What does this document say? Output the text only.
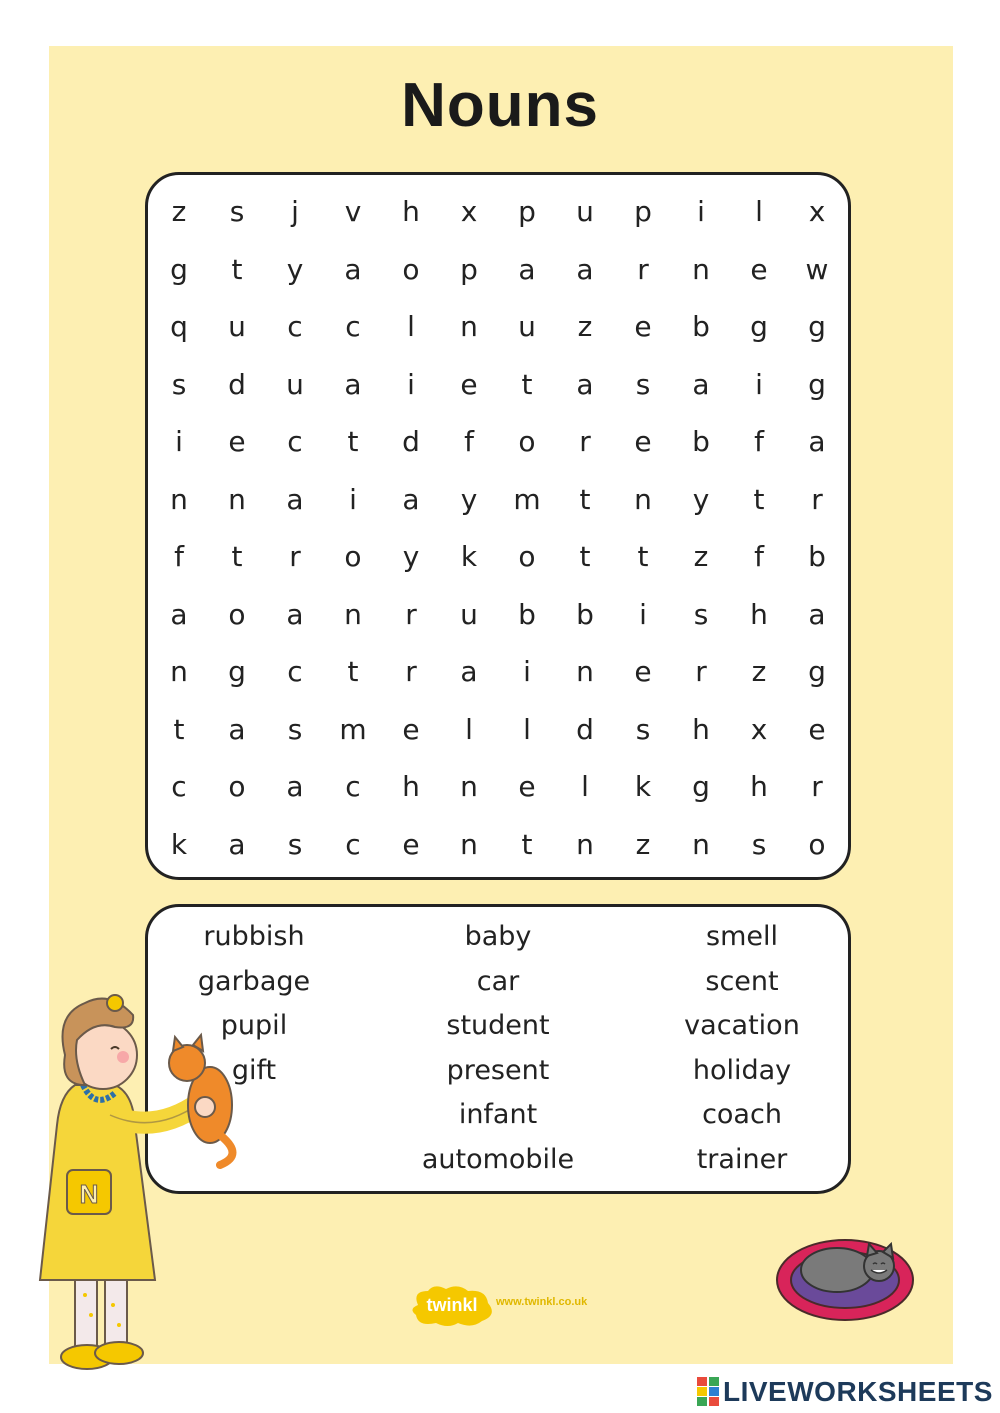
Nouns
z	s	j	v	h	x	p	u	p	i	l	x
g	t	y	a	o	p	a	a	r	n	e	w
q	u	c	c	l	n	u	z	e	b	g	g
s	d	u	a	i	e	t	a	s	a	i	g
i	e	c	t	d	f	o	r	e	b	f	a
n	n	a	i	a	y	m	t	n	y	t	r
f	t	r	o	y	k	o	t	t	z	f	b
a	o	a	n	r	u	b	b	i	s	h	a
n	g	c	t	r	a	i	n	e	r	z	g
t	a	s	m	e	l	l	d	s	h	x	e
c	o	a	c	h	n	e	l	k	g	h	r
k	a	s	c	e	n	t	n	z	n	s	o
rubbish
garbage
pupil
gift
baby
car
student
present
infant
automobile
smell
scent
vacation
holiday
coach
trainer
N
twinkl www.twinkl.co.uk
LIVEWORKSHEETS
